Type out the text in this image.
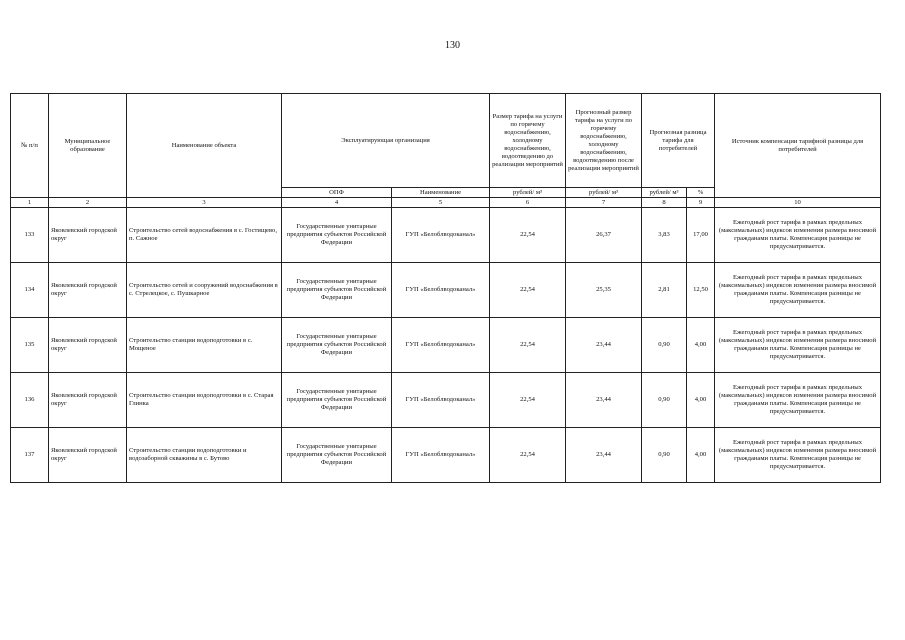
130
№ п/п	Муниципальное образование	Наименование объекта	Эксплуатирующая организация		Размер тарифа на услуги по горячему водоснабжению, холодному водоснабжению, водоотведению до реализации мероприятий	Прогнозный размер тарифа на услуги по горячему водоснабжению, холодному водоснабжению, водоотведению после реализации мероприятий	Прогнозная разница тарифа для потребителей		Источник компенсации тарифной разницы для потребителей
			ОПФ	Наименование	рублей/ м³	рублей/ м³	рублей/ м³	%	
1	2	3	4	5	6	7	8	9	10
133	Яковлевский городской округ	Строительство сетей водоснабжения в с. Гостищево, п. Сажное	Государственные унитарные предприятия субъектов Российской Федерации	ГУП «Белоблводоканал»	22,54	26,37	3,83	17,00	Ежегодный рост тарифа в рамках предельных (максимальных) индексов изменения размера вносимой гражданами платы. Компенсация разницы не предусматривается.
134	Яковлевский городской округ	Строительство сетей и сооружений водоснабжения в с. Стрелецкое, с. Пушкарное	Государственные унитарные предприятия субъектов Российской Федерации	ГУП «Белоблводоканал»	22,54	25,35	2,81	12,50	Ежегодный рост тарифа в рамках предельных (максимальных) индексов изменения размера вносимой гражданами платы. Компенсация разницы не предусматривается.
135	Яковлевский городской округ	Строительство станции водоподготовки в с. Мощеное	Государственные унитарные предприятия субъектов Российской Федерации	ГУП «Белоблводоканал»	22,54	23,44	0,90	4,00	Ежегодный рост тарифа в рамках предельных (максимальных) индексов изменения размера вносимой гражданами платы. Компенсация разницы не предусматривается.
136	Яковлевский городской округ	Строительство станции водоподготовки в с. Старая Глинка	Государственные унитарные предприятия субъектов Российской Федерации	ГУП «Белоблводоканал»	22,54	23,44	0,90	4,00	Ежегодный рост тарифа в рамках предельных (максимальных) индексов изменения размера вносимой гражданами платы. Компенсация разницы не предусматривается.
137	Яковлевский городской округ	Строительство станции водоподготовки и водозаборной скважины в с. Бутово	Государственные унитарные предприятия субъектов Российской Федерации	ГУП «Белоблводоканал»	22,54	23,44	0,90	4,00	Ежегодный рост тарифа в рамках предельных (максимальных) индексов изменения размера вносимой гражданами платы. Компенсация разницы не предусматривается.
